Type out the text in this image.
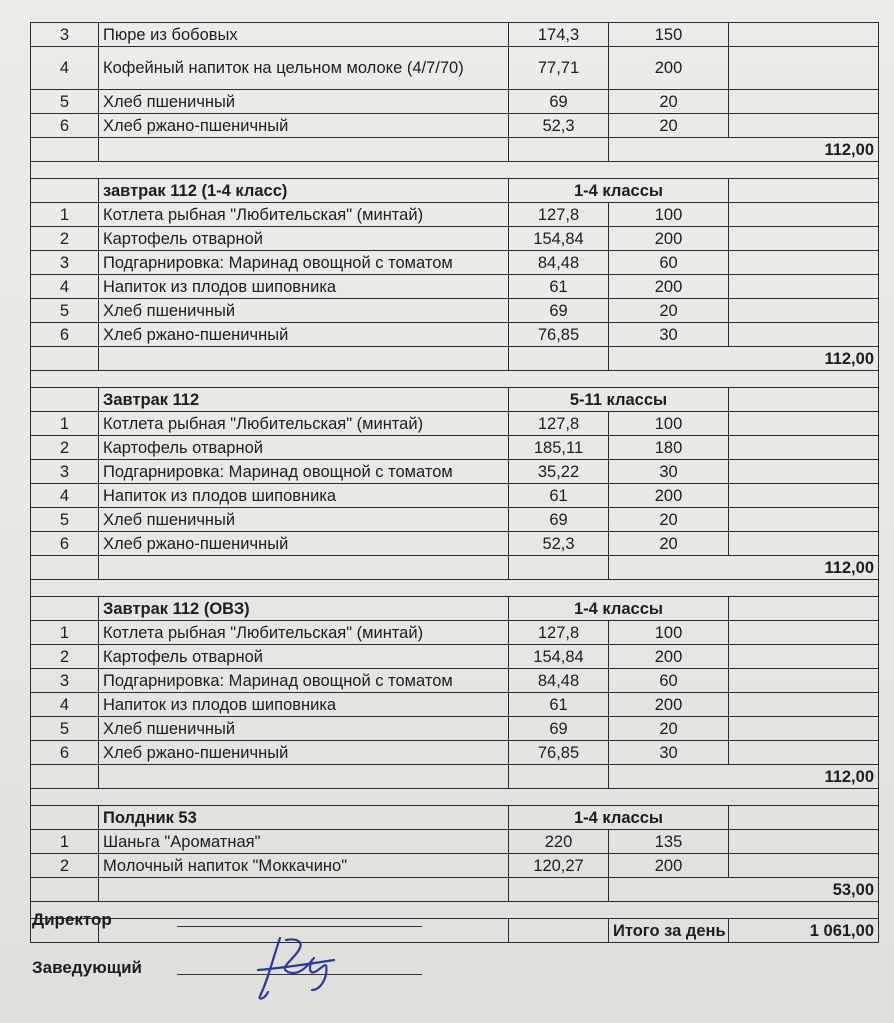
3	Пюре из бобовых	174,3	150	
4	Кофейный напиток на цельном молоке (4/7/70)	77,71	200	
5	Хлеб пшеничный	69	20	
6	Хлеб ржано-пшеничный	52,3	20	
			112,00	

	завтрак 112 (1-4 класс)	1-4 классы		
1	Котлета рыбная "Любительская" (минтай)	127,8	100	
2	Картофель отварной	154,84	200	
3	Подгарнировка: Маринад овощной с томатом	84,48	60	
4	Напиток из плодов шиповника	61	200	
5	Хлеб пшеничный	69	20	
6	Хлеб ржано-пшеничный	76,85	30	
			112,00	

	Завтрак 112	5-11 классы		
1	Котлета рыбная "Любительская" (минтай)	127,8	100	
2	Картофель отварной	185,11	180	
3	Подгарнировка: Маринад овощной с томатом	35,22	30	
4	Напиток из плодов шиповника	61	200	
5	Хлеб пшеничный	69	20	
6	Хлеб ржано-пшеничный	52,3	20	
			112,00	

	Завтрак 112 (ОВЗ)	1-4 классы		
1	Котлета рыбная "Любительская" (минтай)	127,8	100	
2	Картофель отварной	154,84	200	
3	Подгарнировка: Маринад овощной с томатом	84,48	60	
4	Напиток из плодов шиповника	61	200	
5	Хлеб пшеничный	69	20	
6	Хлеб ржано-пшеничный	76,85	30	
			112,00	

	Полдник 53	1-4 классы		
1	Шаньга "Ароматная"	220	135	
2	Молочный напиток "Моккачино"	120,27	200	
			53,00	

			Итого за день	1 061,00
Директор
Заведующий
